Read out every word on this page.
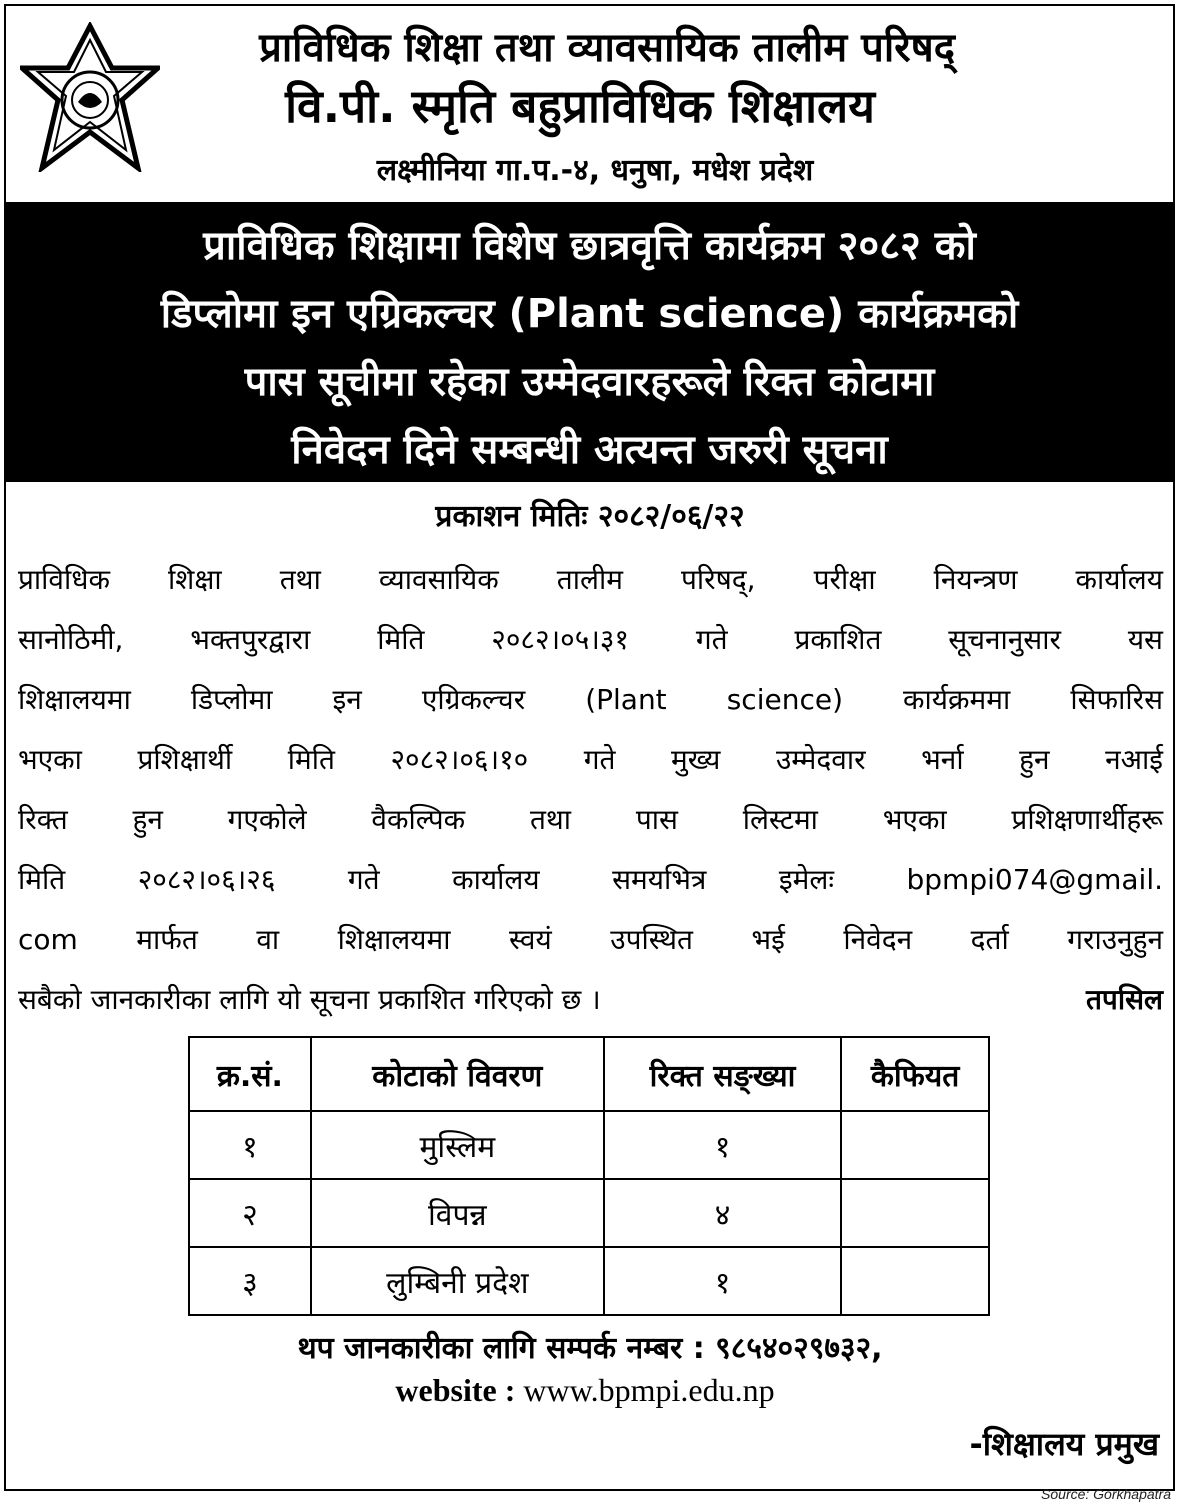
प्राविधिक शिक्षा तथा व्यावसायिक तालीम परिषद्
वि.पी. स्मृति बहुप्राविधिक शिक्षालय
लक्ष्मीनिया गा.प.-४, धनुषा, मधेश प्रदेश
प्राविधिक शिक्षामा विशेष छात्रवृत्ति कार्यक्रम २०८२ को
डिप्लोमा इन एग्रिकल्चर (Plant science) कार्यक्रमको
पास सूचीमा रहेका उम्मेदवारहरूले रिक्त कोटामा
निवेदन दिने सम्बन्धी अत्यन्त जरुरी सूचना
प्रकाशन मितिः २०८२/०६/२२
प्राविधिक शिक्षा तथा व्यावसायिक तालीम परिषद्, परीक्षा नियन्त्रण कार्यालय
सानोठिमी, भक्तपुरद्वारा मिति २०८२।०५।३१ गते प्रकाशित सूचनानुसार यस
शिक्षालयमा डिप्लोमा इन एग्रिकल्चर (Plant science) कार्यक्रममा सिफारिस
भएका प्रशिक्षार्थी मिति २०८२।०६।१० गते मुख्य उम्मेदवार भर्ना हुन नआई
रिक्त हुन गएकोले वैकल्पिक तथा पास लिस्टमा भएका प्रशिक्षणार्थीहरू
मिति २०८२।०६।२६ गते कार्यालय समयभित्र इमेलः bpmpi074@gmail.
com मार्फत वा शिक्षालयमा स्वयं उपस्थित भई निवेदन दर्ता गराउनुहुन
सबैको जानकारीका लागि यो सूचना प्रकाशित गरिएको छ ।	तपसिल
क्र.सं.	कोटाको विवरण	रिक्त सङ्ख्या	कैफियत
१	मुस्लिम	१	
२	विपन्न	४	
३	लुम्बिनी प्रदेश	१	
थप जानकारीका लागि सम्पर्क नम्बर : ९८५४०२९७३२,
website : www.bpmpi.edu.np
-शिक्षालय प्रमुख
Source: Gorkhapatra
